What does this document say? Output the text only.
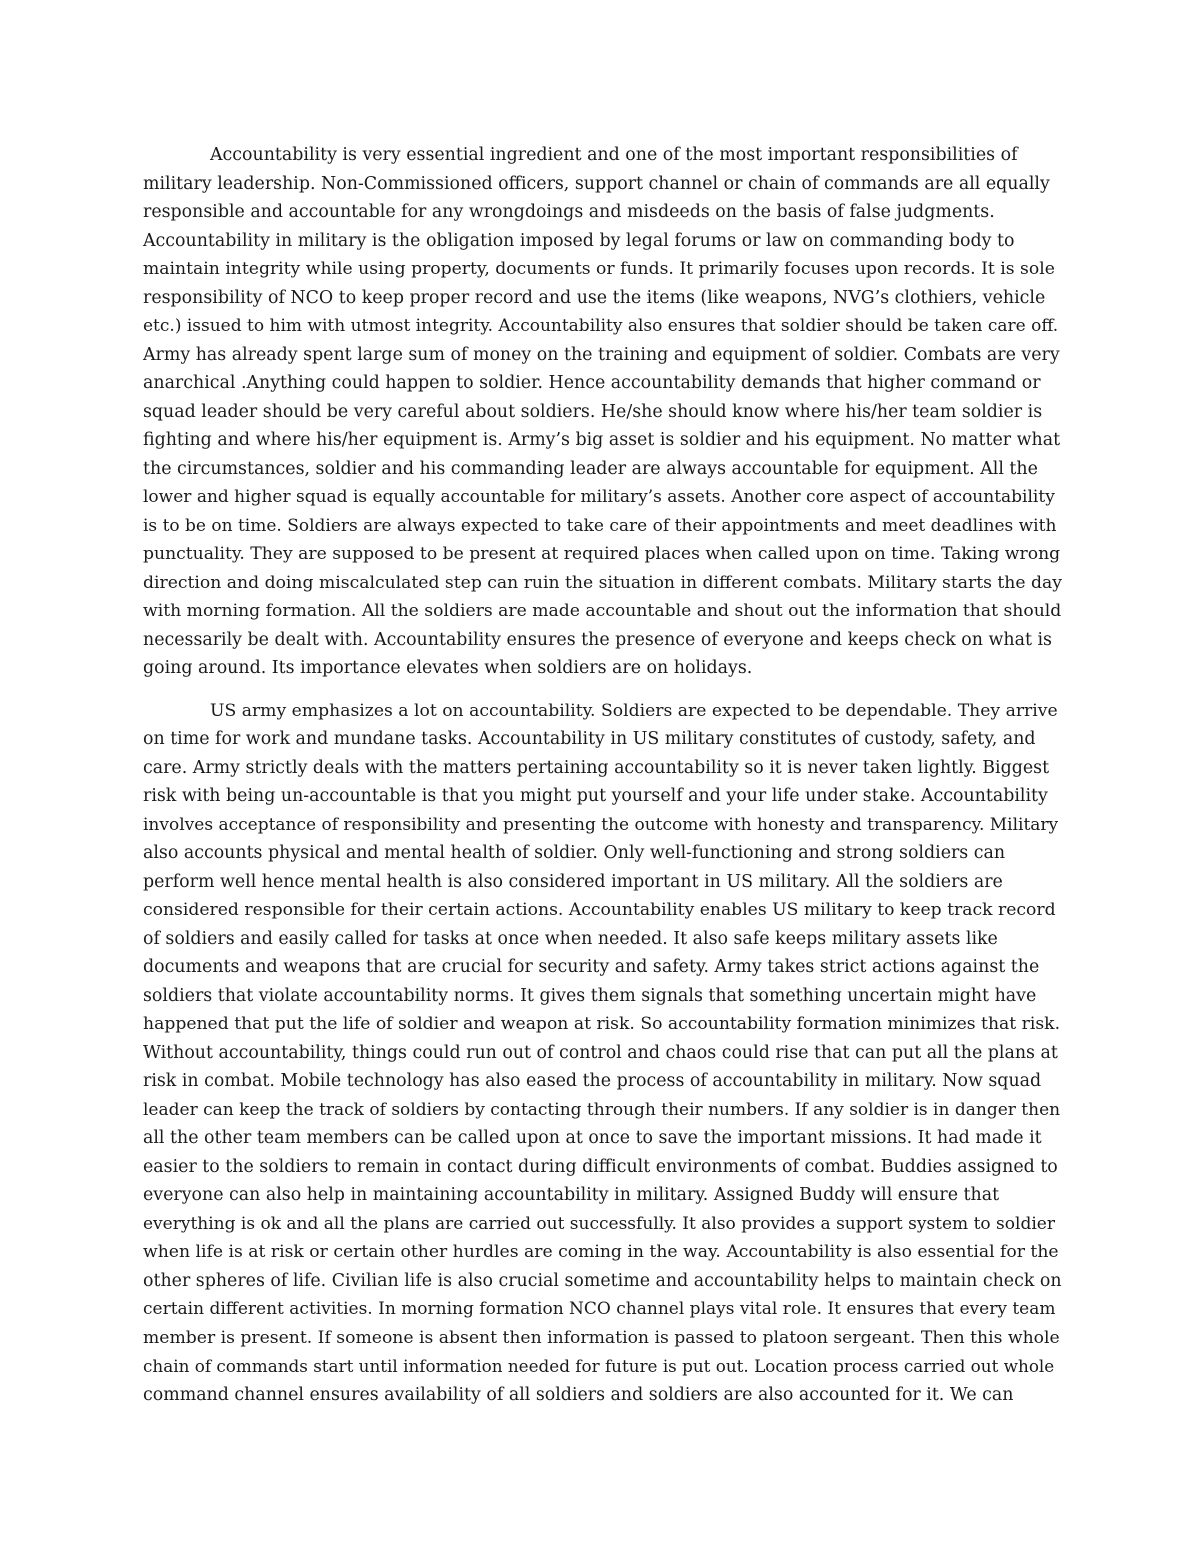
Accountability is very essential ingredient and one of the most important responsibilities of
military leadership. Non-Commissioned officers, support channel or chain of commands are all equally
responsible and accountable for any wrongdoings and misdeeds on the basis of false judgments.
Accountability in military is the obligation imposed by legal forums or law on commanding body to
maintain integrity while using property, documents or funds. It primarily focuses upon records. It is sole
responsibility of NCO to keep proper record and use the items (like weapons, NVG’s clothiers, vehicle
etc.) issued to him with utmost integrity. Accountability also ensures that soldier should be taken care off.
Army has already spent large sum of money on the training and equipment of soldier. Combats are very
anarchical .Anything could happen to soldier. Hence accountability demands that higher command or
squad leader should be very careful about soldiers. He/she should know where his/her team soldier is
fighting and where his/her equipment is. Army’s big asset is soldier and his equipment. No matter what
the circumstances, soldier and his commanding leader are always accountable for equipment. All the
lower and higher squad is equally accountable for military’s assets. Another core aspect of accountability
is to be on time. Soldiers are always expected to take care of their appointments and meet deadlines with
punctuality. They are supposed to be present at required places when called upon on time. Taking wrong
direction and doing miscalculated step can ruin the situation in different combats. Military starts the day
with morning formation. All the soldiers are made accountable and shout out the information that should
necessarily be dealt with. Accountability ensures the presence of everyone and keeps check on what is
going around. Its importance elevates when soldiers are on holidays.
US army emphasizes a lot on accountability. Soldiers are expected to be dependable. They arrive
on time for work and mundane tasks. Accountability in US military constitutes of custody, safety, and
care. Army strictly deals with the matters pertaining accountability so it is never taken lightly. Biggest
risk with being un-accountable is that you might put yourself and your life under stake. Accountability
involves acceptance of responsibility and presenting the outcome with honesty and transparency. Military
also accounts physical and mental health of soldier. Only well-functioning and strong soldiers can
perform well hence mental health is also considered important in US military. All the soldiers are
considered responsible for their certain actions. Accountability enables US military to keep track record
of soldiers and easily called for tasks at once when needed. It also safe keeps military assets like
documents and weapons that are crucial for security and safety. Army takes strict actions against the
soldiers that violate accountability norms. It gives them signals that something uncertain might have
happened that put the life of soldier and weapon at risk. So accountability formation minimizes that risk.
Without accountability, things could run out of control and chaos could rise that can put all the plans at
risk in combat. Mobile technology has also eased the process of accountability in military. Now squad
leader can keep the track of soldiers by contacting through their numbers. If any soldier is in danger then
all the other team members can be called upon at once to save the important missions. It had made it
easier to the soldiers to remain in contact during difficult environments of combat. Buddies assigned to
everyone can also help in maintaining accountability in military. Assigned Buddy will ensure that
everything is ok and all the plans are carried out successfully. It also provides a support system to soldier
when life is at risk or certain other hurdles are coming in the way. Accountability is also essential for the
other spheres of life. Civilian life is also crucial sometime and accountability helps to maintain check on
certain different activities. In morning formation NCO channel plays vital role. It ensures that every team
member is present. If someone is absent then information is passed to platoon sergeant. Then this whole
chain of commands start until information needed for future is put out. Location process carried out whole
command channel ensures availability of all soldiers and soldiers are also accounted for it. We can
